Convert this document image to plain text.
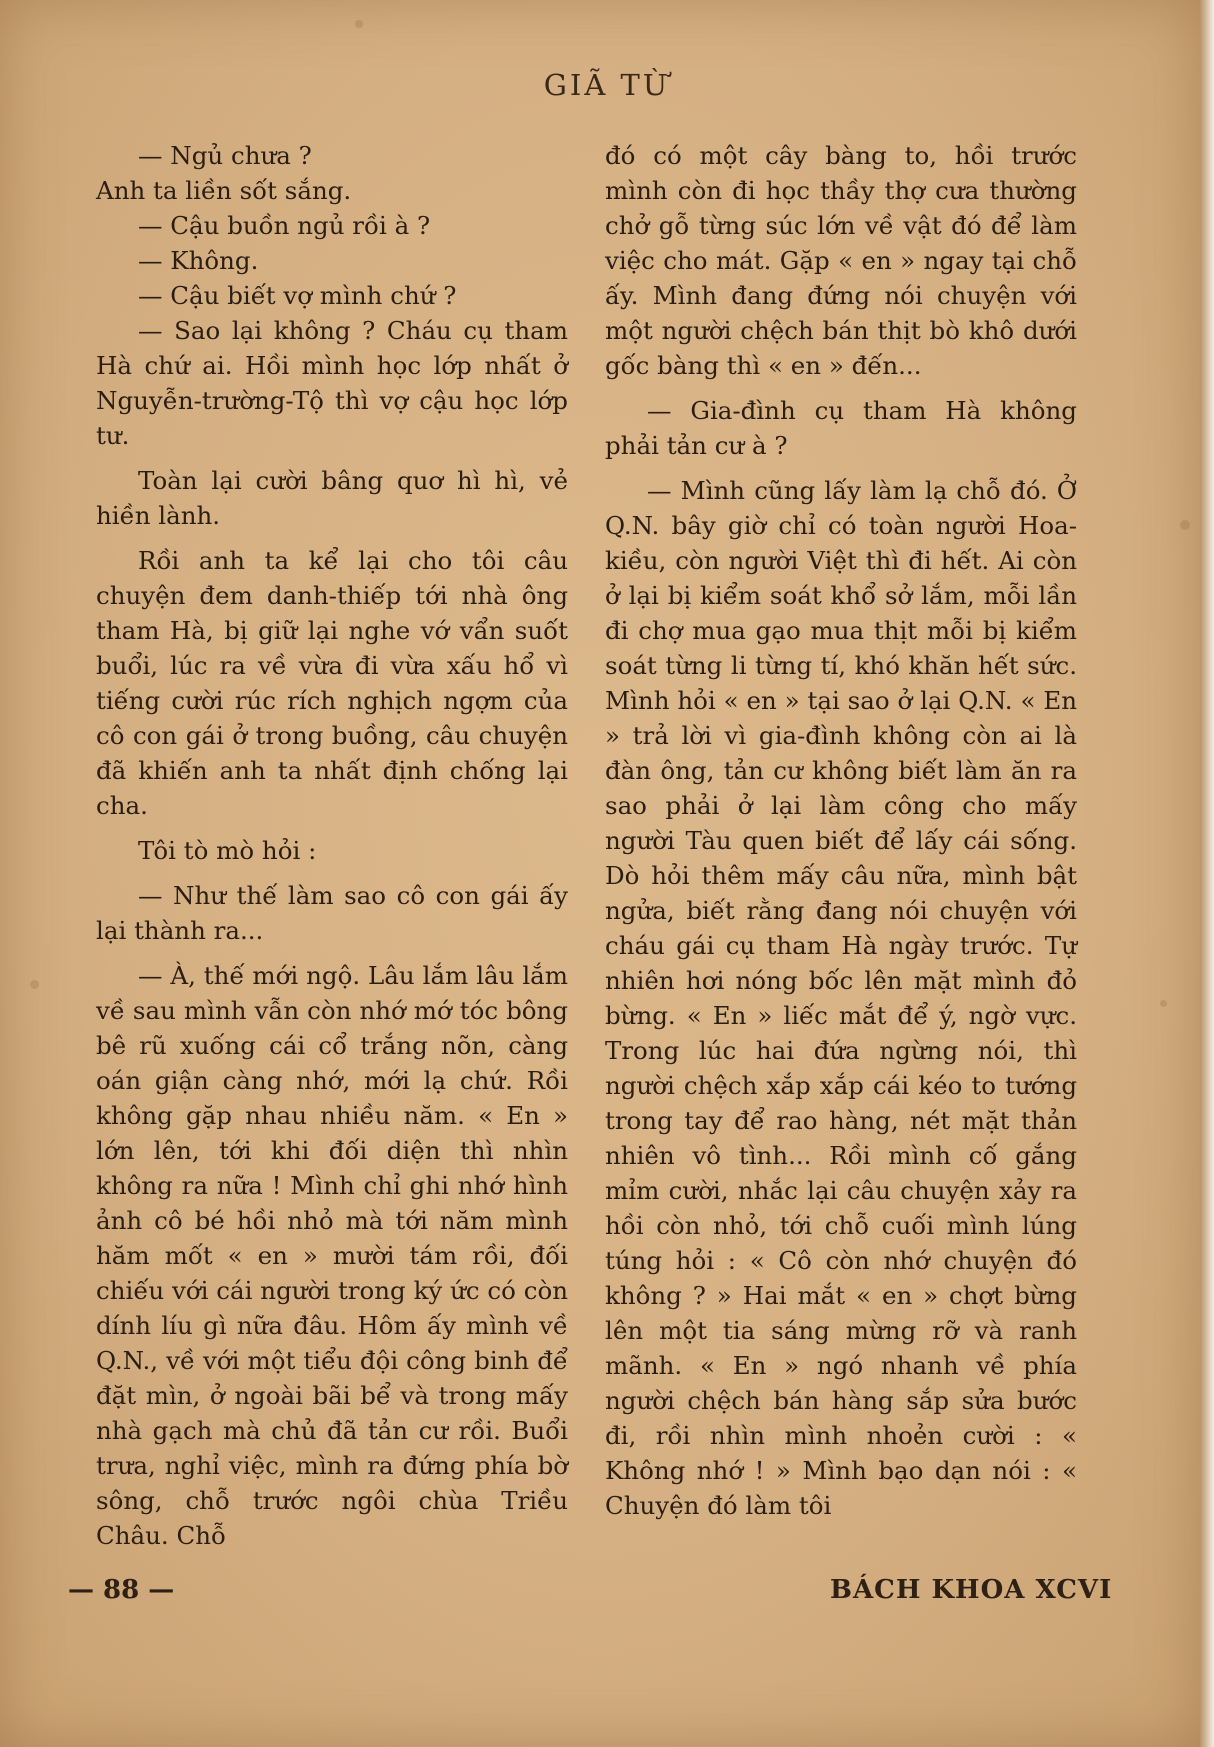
GIÃ TỪ

— Ngủ chưa ?

Anh ta liền sốt sắng.

— Cậu buồn ngủ rồi à ?

— Không.

— Cậu biết vợ mình chứ ?

— Sao lại không ? Cháu cụ tham Hà chứ ai. Hồi mình học lớp nhất ở Nguyễn-trường-Tộ thì vợ cậu học lớp tư.

Toàn lại cười bâng quơ hì hì, vẻ hiền lành.

Rồi anh ta kể lại cho tôi câu chuyện đem danh-thiếp tới nhà ông tham Hà, bị giữ lại nghe vớ vẩn suốt buổi, lúc ra về vừa đi vừa xấu hổ vì tiếng cười rúc rích nghịch ngợm của cô con gái ở trong buồng, câu chuyện đã khiến anh ta nhất định chống lại cha.

Tôi tò mò hỏi :

— Như thế làm sao cô con gái ấy lại thành ra...

— À, thế mới ngộ. Lâu lắm lâu lắm về sau mình vẫn còn nhớ mớ tóc bông bê rũ xuống cái cổ trắng nõn, càng oán giận càng nhớ, mới lạ chứ. Rồi không gặp nhau nhiều năm. « En » lớn lên, tới khi đối diện thì nhìn không ra nữa ! Mình chỉ ghi nhớ hình ảnh cô bé hồi nhỏ mà tới năm mình hăm mốt « en » mười tám rồi, đối chiếu với cái người trong ký ức có còn dính líu gì nữa đâu. Hôm ấy mình về Q.N., về với một tiểu đội công binh để đặt mìn, ở ngoài bãi bể và trong mấy nhà gạch mà chủ đã tản cư rồi. Buổi trưa, nghỉ việc, mình ra đứng phía bờ sông, chỗ trước ngôi chùa Triều Châu. Chỗ

đó có một cây bàng to, hồi trước mình còn đi học thầy thợ cưa thường chở gỗ từng súc lớn về vật đó để làm việc cho mát. Gặp « en » ngay tại chỗ ấy. Mình đang đứng nói chuyện với một người chệch bán thịt bò khô dưới gốc bàng thì « en » đến...

— Gia-đình cụ tham Hà không phải tản cư à ?

— Mình cũng lấy làm lạ chỗ đó. Ở Q.N. bây giờ chỉ có toàn người Hoa-kiều, còn người Việt thì đi hết. Ai còn ở lại bị kiểm soát khổ sở lắm, mỗi lần đi chợ mua gạo mua thịt mỗi bị kiểm soát từng li từng tí, khó khăn hết sức. Mình hỏi « en » tại sao ở lại Q.N. « En » trả lời vì gia-đình không còn ai là đàn ông, tản cư không biết làm ăn ra sao phải ở lại làm công cho mấy người Tàu quen biết để lấy cái sống. Dò hỏi thêm mấy câu nữa, mình bật ngửa, biết rằng đang nói chuyện với cháu gái cụ tham Hà ngày trước. Tự nhiên hơi nóng bốc lên mặt mình đỏ bừng. « En » liếc mắt để ý, ngờ vực. Trong lúc hai đứa ngừng nói, thì người chệch xắp xắp cái kéo to tướng trong tay để rao hàng, nét mặt thản nhiên vô tình... Rồi mình cố gắng mỉm cười, nhắc lại câu chuyện xảy ra hồi còn nhỏ, tới chỗ cuối mình lúng túng hỏi : « Cô còn nhớ chuyện đó không ? » Hai mắt « en » chợt bừng lên một tia sáng mừng rỡ và ranh mãnh. « En » ngó nhanh về phía người chệch bán hàng sắp sửa bước đi, rồi nhìn mình nhoẻn cười : « Không nhớ ! » Mình bạo dạn nói : « Chuyện đó làm tôi

— 88 —	BÁCH KHOA XCVI
